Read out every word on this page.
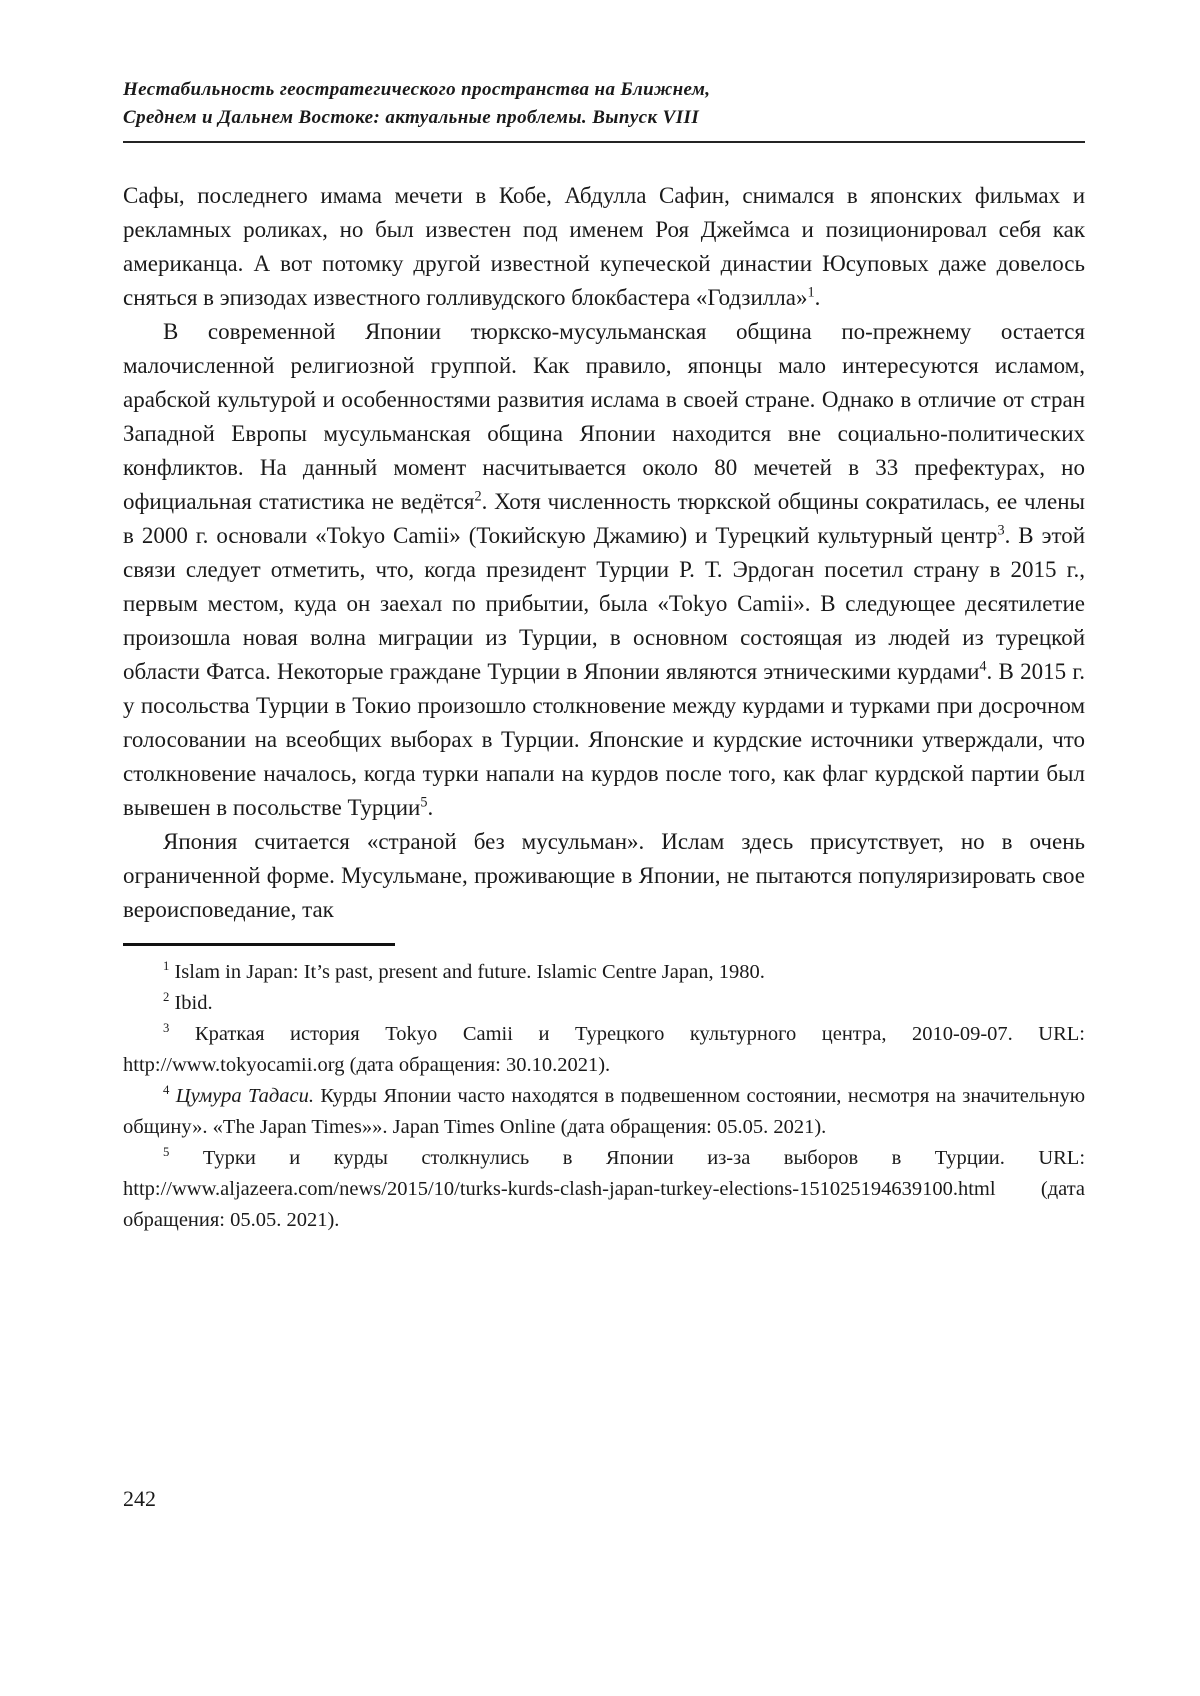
Нестабильность геостратегического пространства на Ближнем,
Среднем и Дальнем Востоке: актуальные проблемы. Выпуск VIII

Сафы, последнего имама мечети в Кобе, Абдулла Сафин, снимался в японских фильмах и рекламных роликах, но был известен под именем Роя Джеймса и позиционировал себя как американца. А вот потомку другой известной купеческой династии Юсуповых даже довелось сняться в эпизодах известного голливудского блокбастера «Годзилла»$^1$.

В современной Японии тюркско-мусульманская община по-прежнему остается малочисленной религиозной группой. Как правило, японцы мало интересуются исламом, арабской культурой и особенностями развития ислама в своей стране. Однако в отличие от стран Западной Европы мусульманская община Японии находится вне социально-политических конфликтов. На данный момент насчитывается около 80 мечетей в 33 префектурах, но официальная статистика не ведётся$^2$. Хотя численность тюркской общины сократилась, ее члены в 2000 г. основали «Tokyo Camii» (Токийскую Джамию) и Турецкий культурный центр$^3$. В этой связи следует отметить, что, когда президент Турции Р. Т. Эрдоган посетил страну в 2015 г., первым местом, куда он заехал по прибытии, была «Tokyo Camii». В следующее десятилетие произошла новая волна миграции из Турции, в основном состоящая из людей из турецкой области Фатса. Некоторые граждане Турции в Японии являются этническими курдами$^4$. В 2015 г. у посольства Турции в Токио произошло столкновение между курдами и турками при досрочном голосовании на всеобщих выборах в Турции. Японские и курдские источники утверждали, что столкновение началось, когда турки напали на курдов после того, как флаг курдской партии был вывешен в посольстве Турции$^5$.

Япония считается «страной без мусульман». Ислам здесь присутствует, но в очень ограниченной форме. Мусульмане, проживающие в Японии, не пытаются популяризировать свое вероисповедание, так

$^1$ Islam in Japan: It’s past, present and future. Islamic Centre Japan, 1980.

$^2$ Ibid.

$^3$ Краткая история Tokyo Camii и Турецкого культурного центра, 2010-09-07. URL: http://www.tokyocamii.org (дата обращения: 30.10.2021).

$^4$ Цумура Тадаси. Курды Японии часто находятся в подвешенном состоянии, несмотря на значительную общину». «The Japan Times»». Japan Times Online (дата обращения: 05.05. 2021).

$^5$ Турки и курды столкнулись в Японии из-за выборов в Турции. URL: http://www.aljazeera.com/news/2015/10/turks-kurds-clash-japan-turkey-elections-151025194639100.html (дата обращения: 05.05. 2021).

242
